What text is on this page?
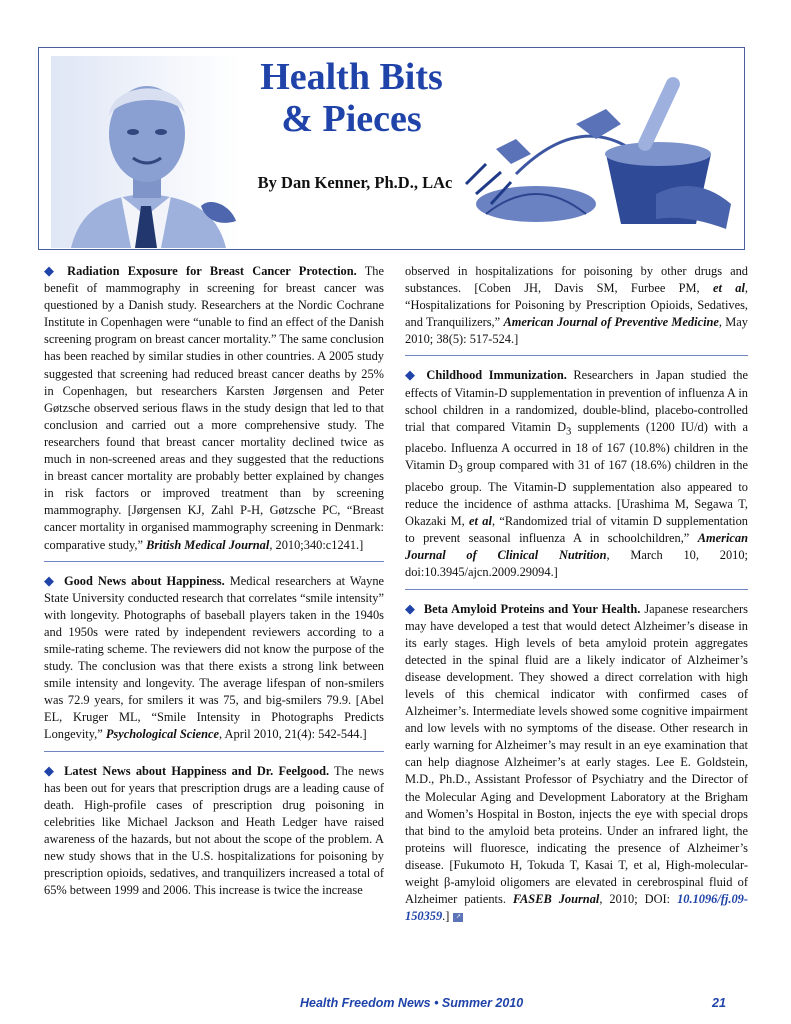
Health Bits
& Pieces
By Dan Kenner, Ph.D., LAc

◆ Radiation Exposure for Breast Cancer Protection. The benefit of mammography in screening for breast cancer was questioned by a Danish study. Researchers at the Nordic Cochrane Institute in Copenhagen were “unable to find an effect of the Danish screening program on breast cancer mortality.” The same conclusion has been reached by similar studies in other countries. A 2005 study suggested that screening had reduced breast cancer deaths by 25% in Copenhagen, but researchers Karsten Jørgensen and Peter Gøtzsche observed serious flaws in the study design that led to that conclusion and carried out a more comprehensive study. The researchers found that breast cancer mortality declined twice as much in non-screened areas and they suggested that the reductions in breast cancer mortality are probably better explained by changes in risk factors or improved treatment than by screening mammography. [Jørgensen KJ, Zahl P-H, Gøtzsche PC, “Breast cancer mortality in organised mammography screening in Denmark: comparative study,” British Medical Journal, 2010;340:c1241.]

◆ Good News about Happiness. Medical researchers at Wayne State University conducted research that correlates “smile intensity” with longevity. Photographs of baseball players taken in the 1940s and 1950s were rated by independent reviewers according to a smile-rating scheme. The reviewers did not know the purpose of the study. The conclusion was that there exists a strong link between smile intensity and longevity. The average lifespan of non-smilers was 72.9 years, for smilers it was 75, and big-smilers 79.9. [Abel EL, Kruger ML, “Smile Intensity in Photographs Predicts Longevity,” Psychological Science, April 2010, 21(4): 542-544.]

◆ Latest News about Happiness and Dr. Feelgood. The news has been out for years that prescription drugs are a leading cause of death. High-profile cases of prescription drug poisoning in celebrities like Michael Jackson and Heath Ledger have raised awareness of the hazards, but not about the scope of the problem. A new study shows that in the U.S. hospitalizations for poisoning by prescription opioids, sedatives, and tranquilizers increased a total of 65% between 1999 and 2006. This increase is twice the increase

observed in hospitalizations for poisoning by other drugs and substances. [Coben JH, Davis SM, Furbee PM, et al, “Hospitalizations for Poisoning by Prescription Opioids, Sedatives, and Tranquilizers,” American Journal of Preventive Medicine, May 2010; 38(5): 517-524.]

◆ Childhood Immunization. Researchers in Japan studied the effects of Vitamin-D supplementation in prevention of influenza A in school children in a randomized, double-blind, placebo-controlled trial that compared Vitamin $D_3$ supplements (1200 IU/d) with a placebo. Influenza A occurred in 18 of 167 (10.8%) children in the Vitamin $D_3$ group compared with 31 of 167 (18.6%) children in the placebo group. The Vitamin-D supplementation also appeared to reduce the incidence of asthma attacks. [Urashima M, Segawa T, Okazaki M, et al, “Randomized trial of vitamin D supplementation to prevent seasonal influenza A in schoolchildren,” American Journal of Clinical Nutrition, March 10, 2010; doi:10.3945/ajcn.2009.29094.]

◆ Beta Amyloid Proteins and Your Health. Japanese researchers may have developed a test that would detect Alzheimer’s disease in its early stages. High levels of beta amyloid protein aggregates detected in the spinal fluid are a likely indicator of Alzheimer’s disease development. They showed a direct correlation with high levels of this chemical indicator with confirmed cases of Alzheimer’s. Intermediate levels showed some cognitive impairment and low levels with no symptoms of the disease. Other research in early warning for Alzheimer’s may result in an eye examination that can help diagnose Alzheimer’s at early stages. Lee E. Goldstein, M.D., Ph.D., Assistant Professor of Psychiatry and the Director of the Molecular Aging and Development Laboratory at the Brigham and Women’s Hospital in Boston, injects the eye with special drops that bind to the amyloid beta proteins. Under an infrared light, the proteins will fluoresce, indicating the presence of Alzheimer’s disease. [Fukumoto H, Tokuda T, Kasai T, et al, High-molecular-weight β-amyloid oligomers are elevated in cerebrospinal fluid of Alzheimer patients. FASEB Journal, 2010; DOI: 10.1096/fj.09-150359.] ↗

Health Freedom News • Summer 2010	21
